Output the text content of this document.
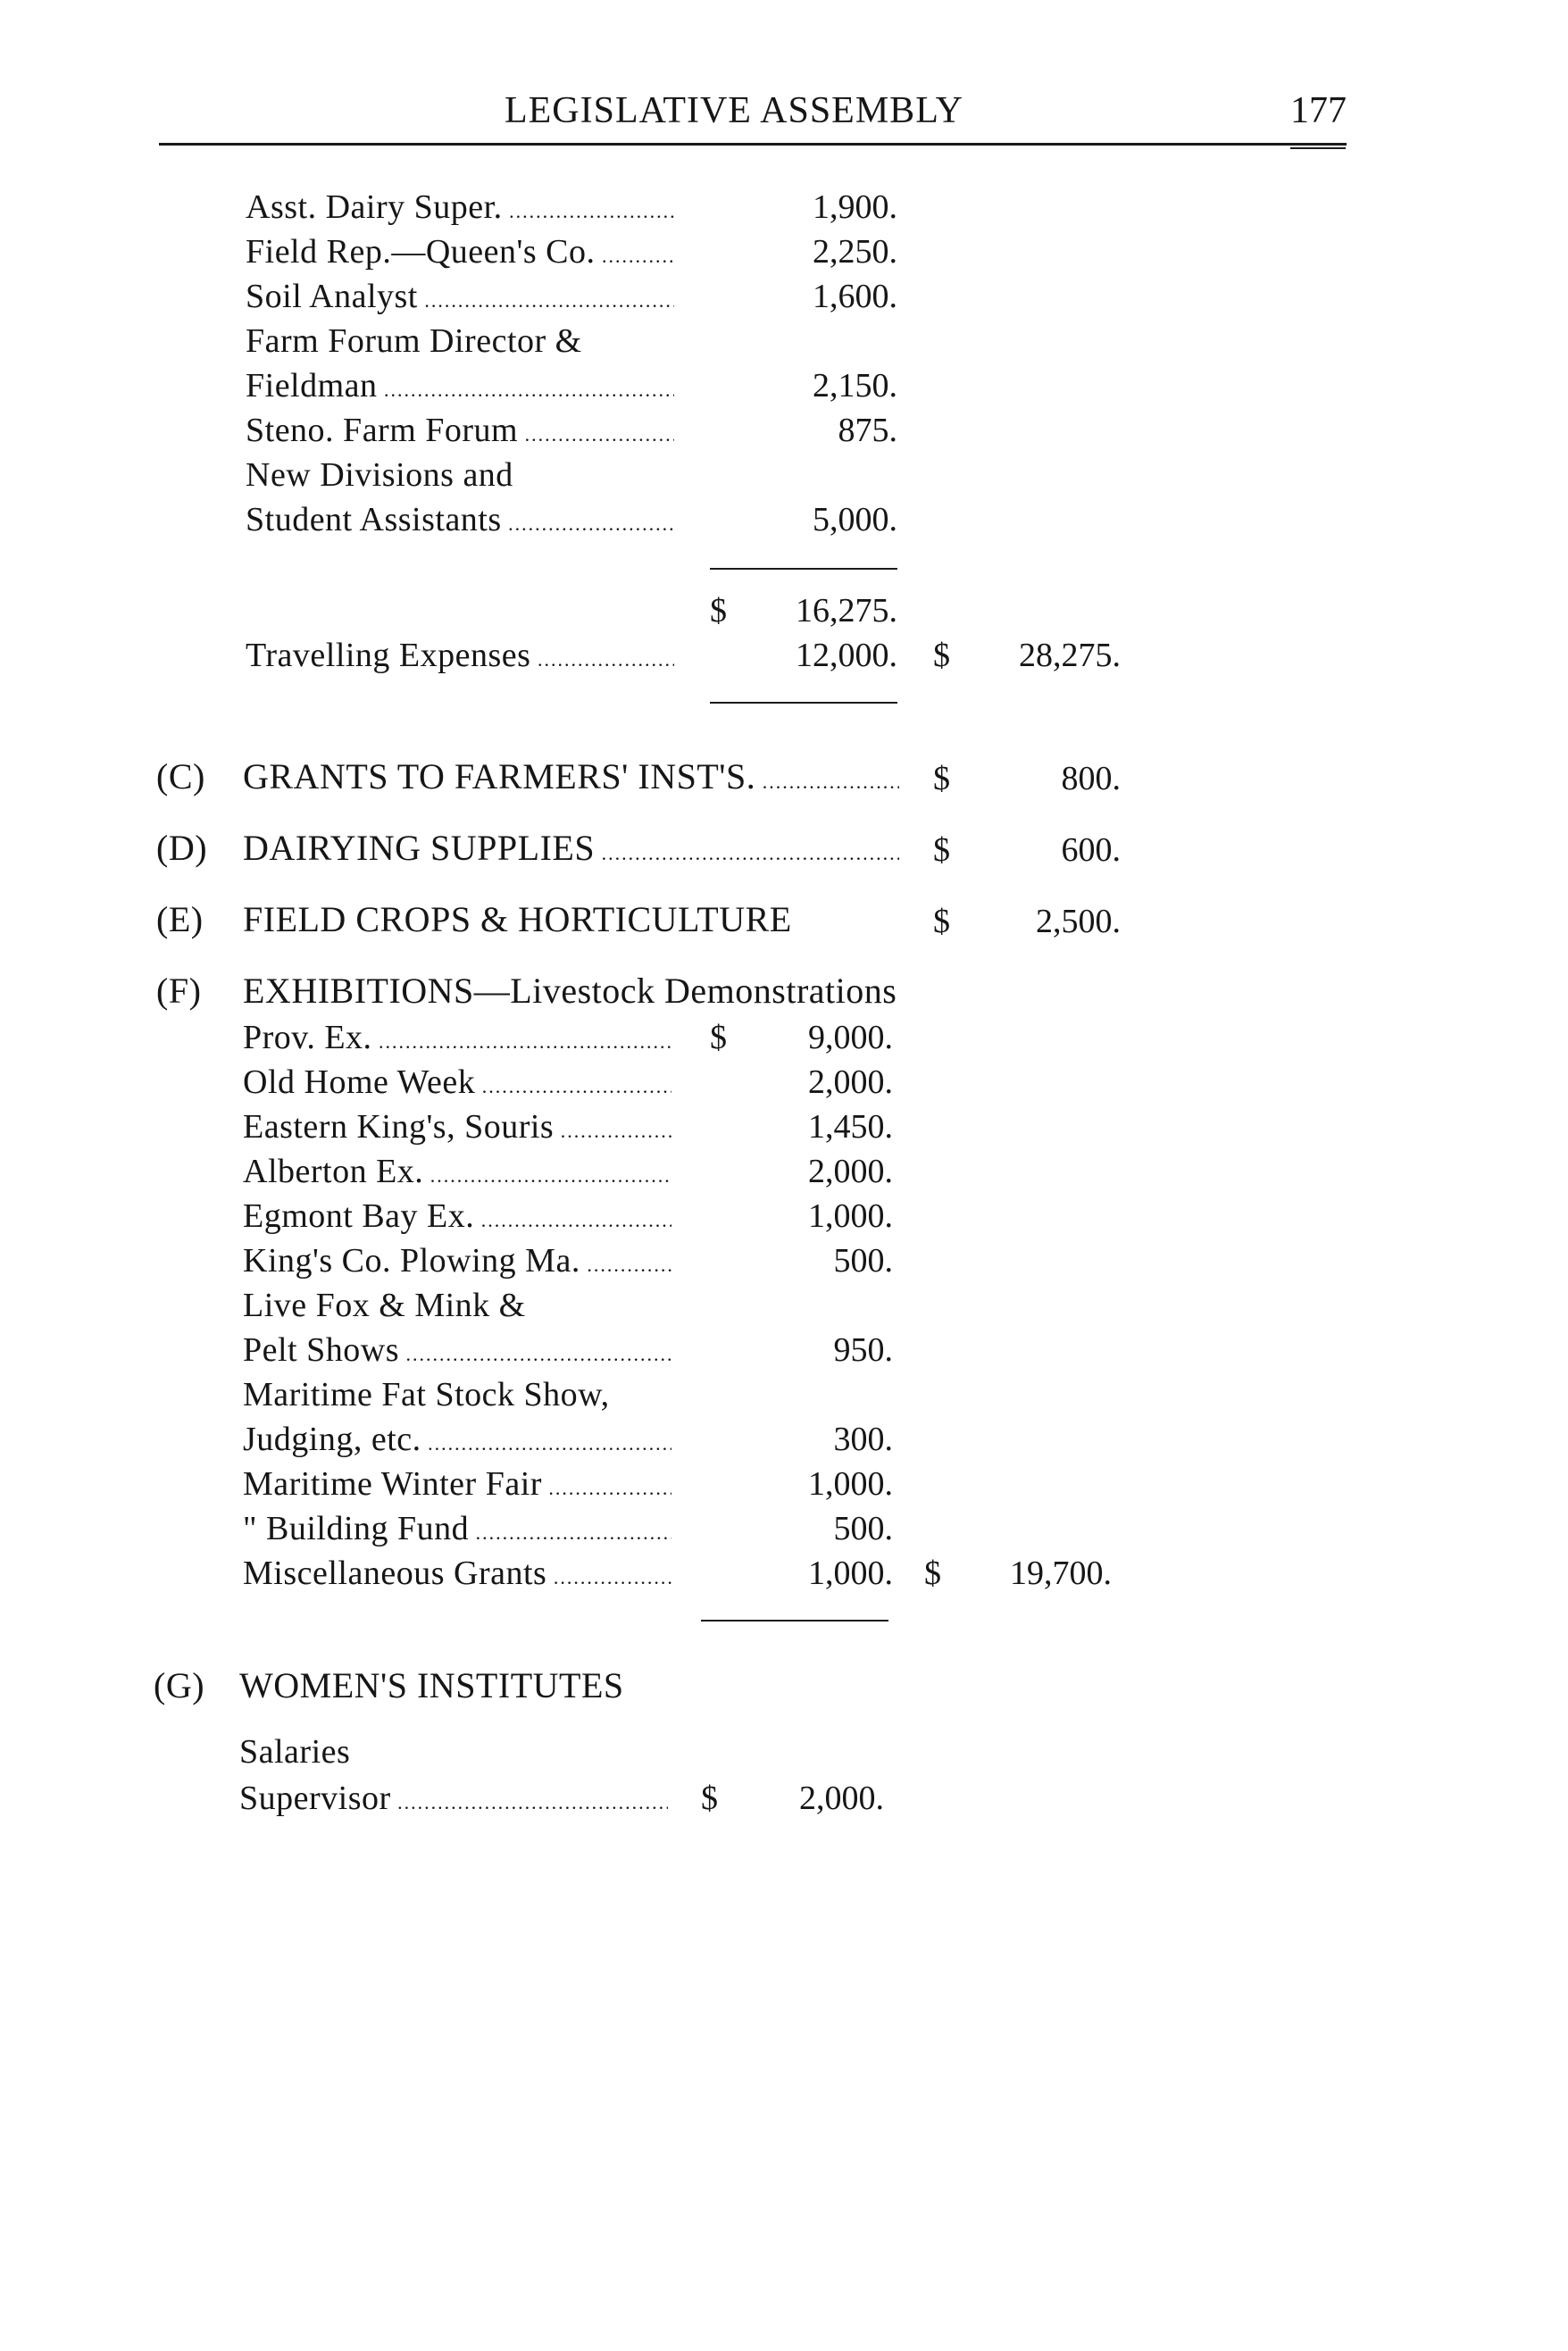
LEGISLATIVE ASSEMBLY	177
Asst. Dairy Super. .....	1,900.
Field Rep.—Queen's Co. .....	2,250.
Soil Analyst .....	1,600.
Farm Forum Director &
Fieldman .....	2,150.
Steno. Farm Forum .....	875.
New Divisions and
Student Assistants .....	5,000.
$	16,275.
Travelling Expenses .....	12,000. $	28,275.
(C) GRANTS TO FARMERS' INST'S. .....	$	800.
(D) DAIRYING SUPPLIES .....	$	600.
(E) FIELD CROPS & HORTICULTURE	$	2,500.
(F) EXHIBITIONS—Livestock Demonstrations
Prov. Ex. .....	$	9,000.
Old Home Week .....	2,000.
Eastern King's, Souris .....	1,450.
Alberton Ex. .....	2,000.
Egmont Bay Ex. .....	1,000.
King's Co. Plowing Ma. .....	500.
Live Fox & Mink &
Pelt Shows .....	950.
Maritime Fat Stock Show,
Judging, etc. .....	300.
Maritime Winter Fair .....	1,000.
" Building Fund .....	500.
Miscellaneous Grants .....	1,000. $	19,700.
(G) WOMEN'S INSTITUTES
Salaries
Supervisor .....	$	2,000.
